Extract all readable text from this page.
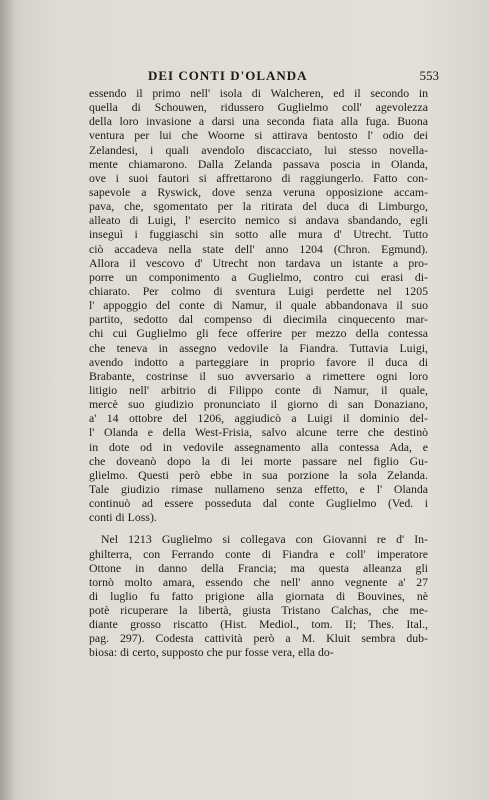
DEI CONTI D'OLANDA	553
essendo il primo nell' isola di Walcheren, ed il secondo in
quella di Schouwen, ridussero Guglielmo coll' agevolezza
della loro invasione a darsi una seconda fiata alla fuga. Buona
ventura per lui che Woorne si attirava bentosto l' odio dei
Zelandesi, i quali avendolo discacciato, lui stesso novella-
mente chiamarono. Dalla Zelanda passava poscia in Olanda,
ove i suoi fautori si affrettarono di raggiungerlo. Fatto con-
sapevole a Ryswick, dove senza veruna opposizione accam-
pava, che, sgomentato per la ritirata del duca di Limburgo,
alleato di Luigi, l' esercito nemico si andava sbandando, egli
inseguì i fuggiaschi sin sotto alle mura d' Utrecht. Tutto
ciò accadeva nella state dell' anno 1204 (Chron. Egmund).
Allora il vescovo d' Utrecht non tardava un istante a pro-
porre un componimento a Guglielmo, contro cui erasi di-
chiarato. Per colmo di sventura Luigi perdette nel 1205
l' appoggio del conte di Namur, il quale abbandonava il suo
partito, sedotto dal compenso di diecimila cinquecento mar-
chi cui Guglielmo gli fece offerire per mezzo della contessa
che teneva in assegno vedovile la Fiandra. Tuttavia Luigi,
avendo indotto a parteggiare in proprio favore il duca di
Brabante, costrinse il suo avversario a rimettere ogni loro
litigio nell' arbitrio di Filippo conte di Namur, il quale,
mercè suo giudizio pronunciato il giorno di san Donaziano,
a' 14 ottobre del 1206, aggiudicò a Luigi il dominio del-
l' Olanda e della West-Frisia, salvo alcune terre che destinò
in dote od in vedovile assegnamento alla contessa Ada, e
che doveanò dopo la di lei morte passare nel figlio Gu-
glielmo. Questi però ebbe in sua porzione la sola Zelanda.
Tale giudizio rimase nullameno senza effetto, e l' Olanda
continuò ad essere posseduta dal conte Guglielmo (Ved. i
conti di Loss).
Nel 1213 Guglielmo si collegava con Giovanni re d' In-
ghilterra, con Ferrando conte di Fiandra e coll' imperatore
Ottone in danno della Francia; ma questa alleanza gli
tornò molto amara, essendo che nell' anno vegnente a' 27
di luglio fu fatto prigione alla giornata di Bouvines, nè
potè ricuperare la libertà, giusta Tristano Calchas, che me-
diante grosso riscatto (Hist. Mediol., tom. II; Thes. Ital.,
pag. 297). Codesta cattività però a M. Kluit sembra dub-
biosa: di certo, supposto che pur fosse vera, ella do-
